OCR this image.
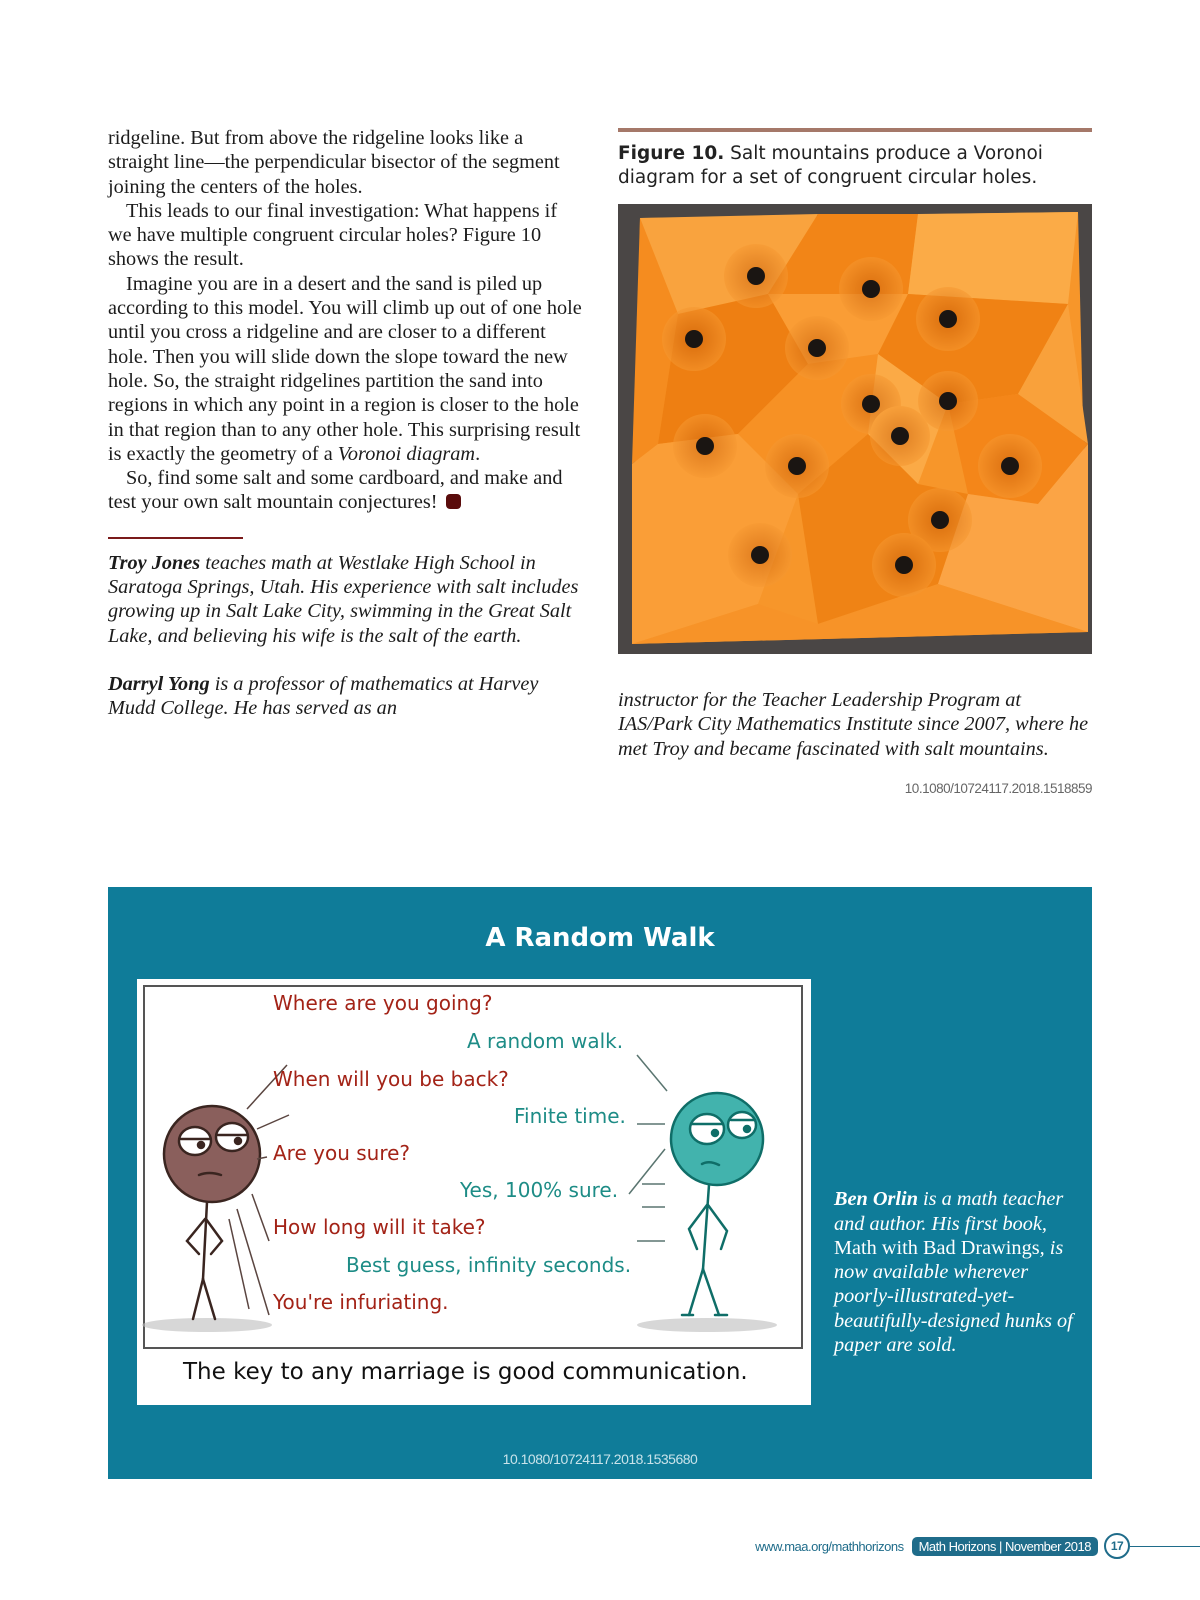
ridgeline. But from above the ridgeline looks like a straight line—the perpendicular bisector of the segment joining the centers of the holes.

This leads to our final investigation: What happens if we have multiple congruent circular holes? Figure 10 shows the result.

Imagine you are in a desert and the sand is piled up according to this model. You will climb up out of one hole until you cross a ridgeline and are closer to a different hole. Then you will slide down the slope toward the new hole. So, the straight ridgelines partition the sand into regions in which any point in a region is closer to the hole in that region than to any other hole. This surprising result is exactly the geometry of a Voronoi diagram.

So, find some salt and some cardboard, and make and test your own salt mountain conjectures!

Troy Jones teaches math at Westlake High School in Saratoga Springs, Utah. His experience with salt includes growing up in Salt Lake City, swimming in the Great Salt Lake, and believing his wife is the salt of the earth.

Darryl Yong is a professor of mathematics at Harvey Mudd College. He has served as an

Figure 10. Salt mountains produce a Voronoi diagram for a set of congruent circular holes.

instructor for the Teacher Leadership Program at IAS/Park City Mathematics Institute since 2007, where he met Troy and became fascinated with salt mountains.

10.1080/10724117.2018.1518859
A Random Walk
Where are you going?
A random walk.
When will you be back?
Finite time.
Are you sure?
Yes, 100% sure.
How long will it take?
Best guess, infinity seconds.
You're infuriating.
The key to any marriage is good communication.

Ben Orlin is a math teacher and author. His first book, Math with Bad Drawings, is now available wherever poorly-illustrated-yet-beautifully-designed hunks of paper are sold.

10.1080/10724117.2018.1535680
www.maa.org/mathhorizons	Math Horizons | November 2018	17
